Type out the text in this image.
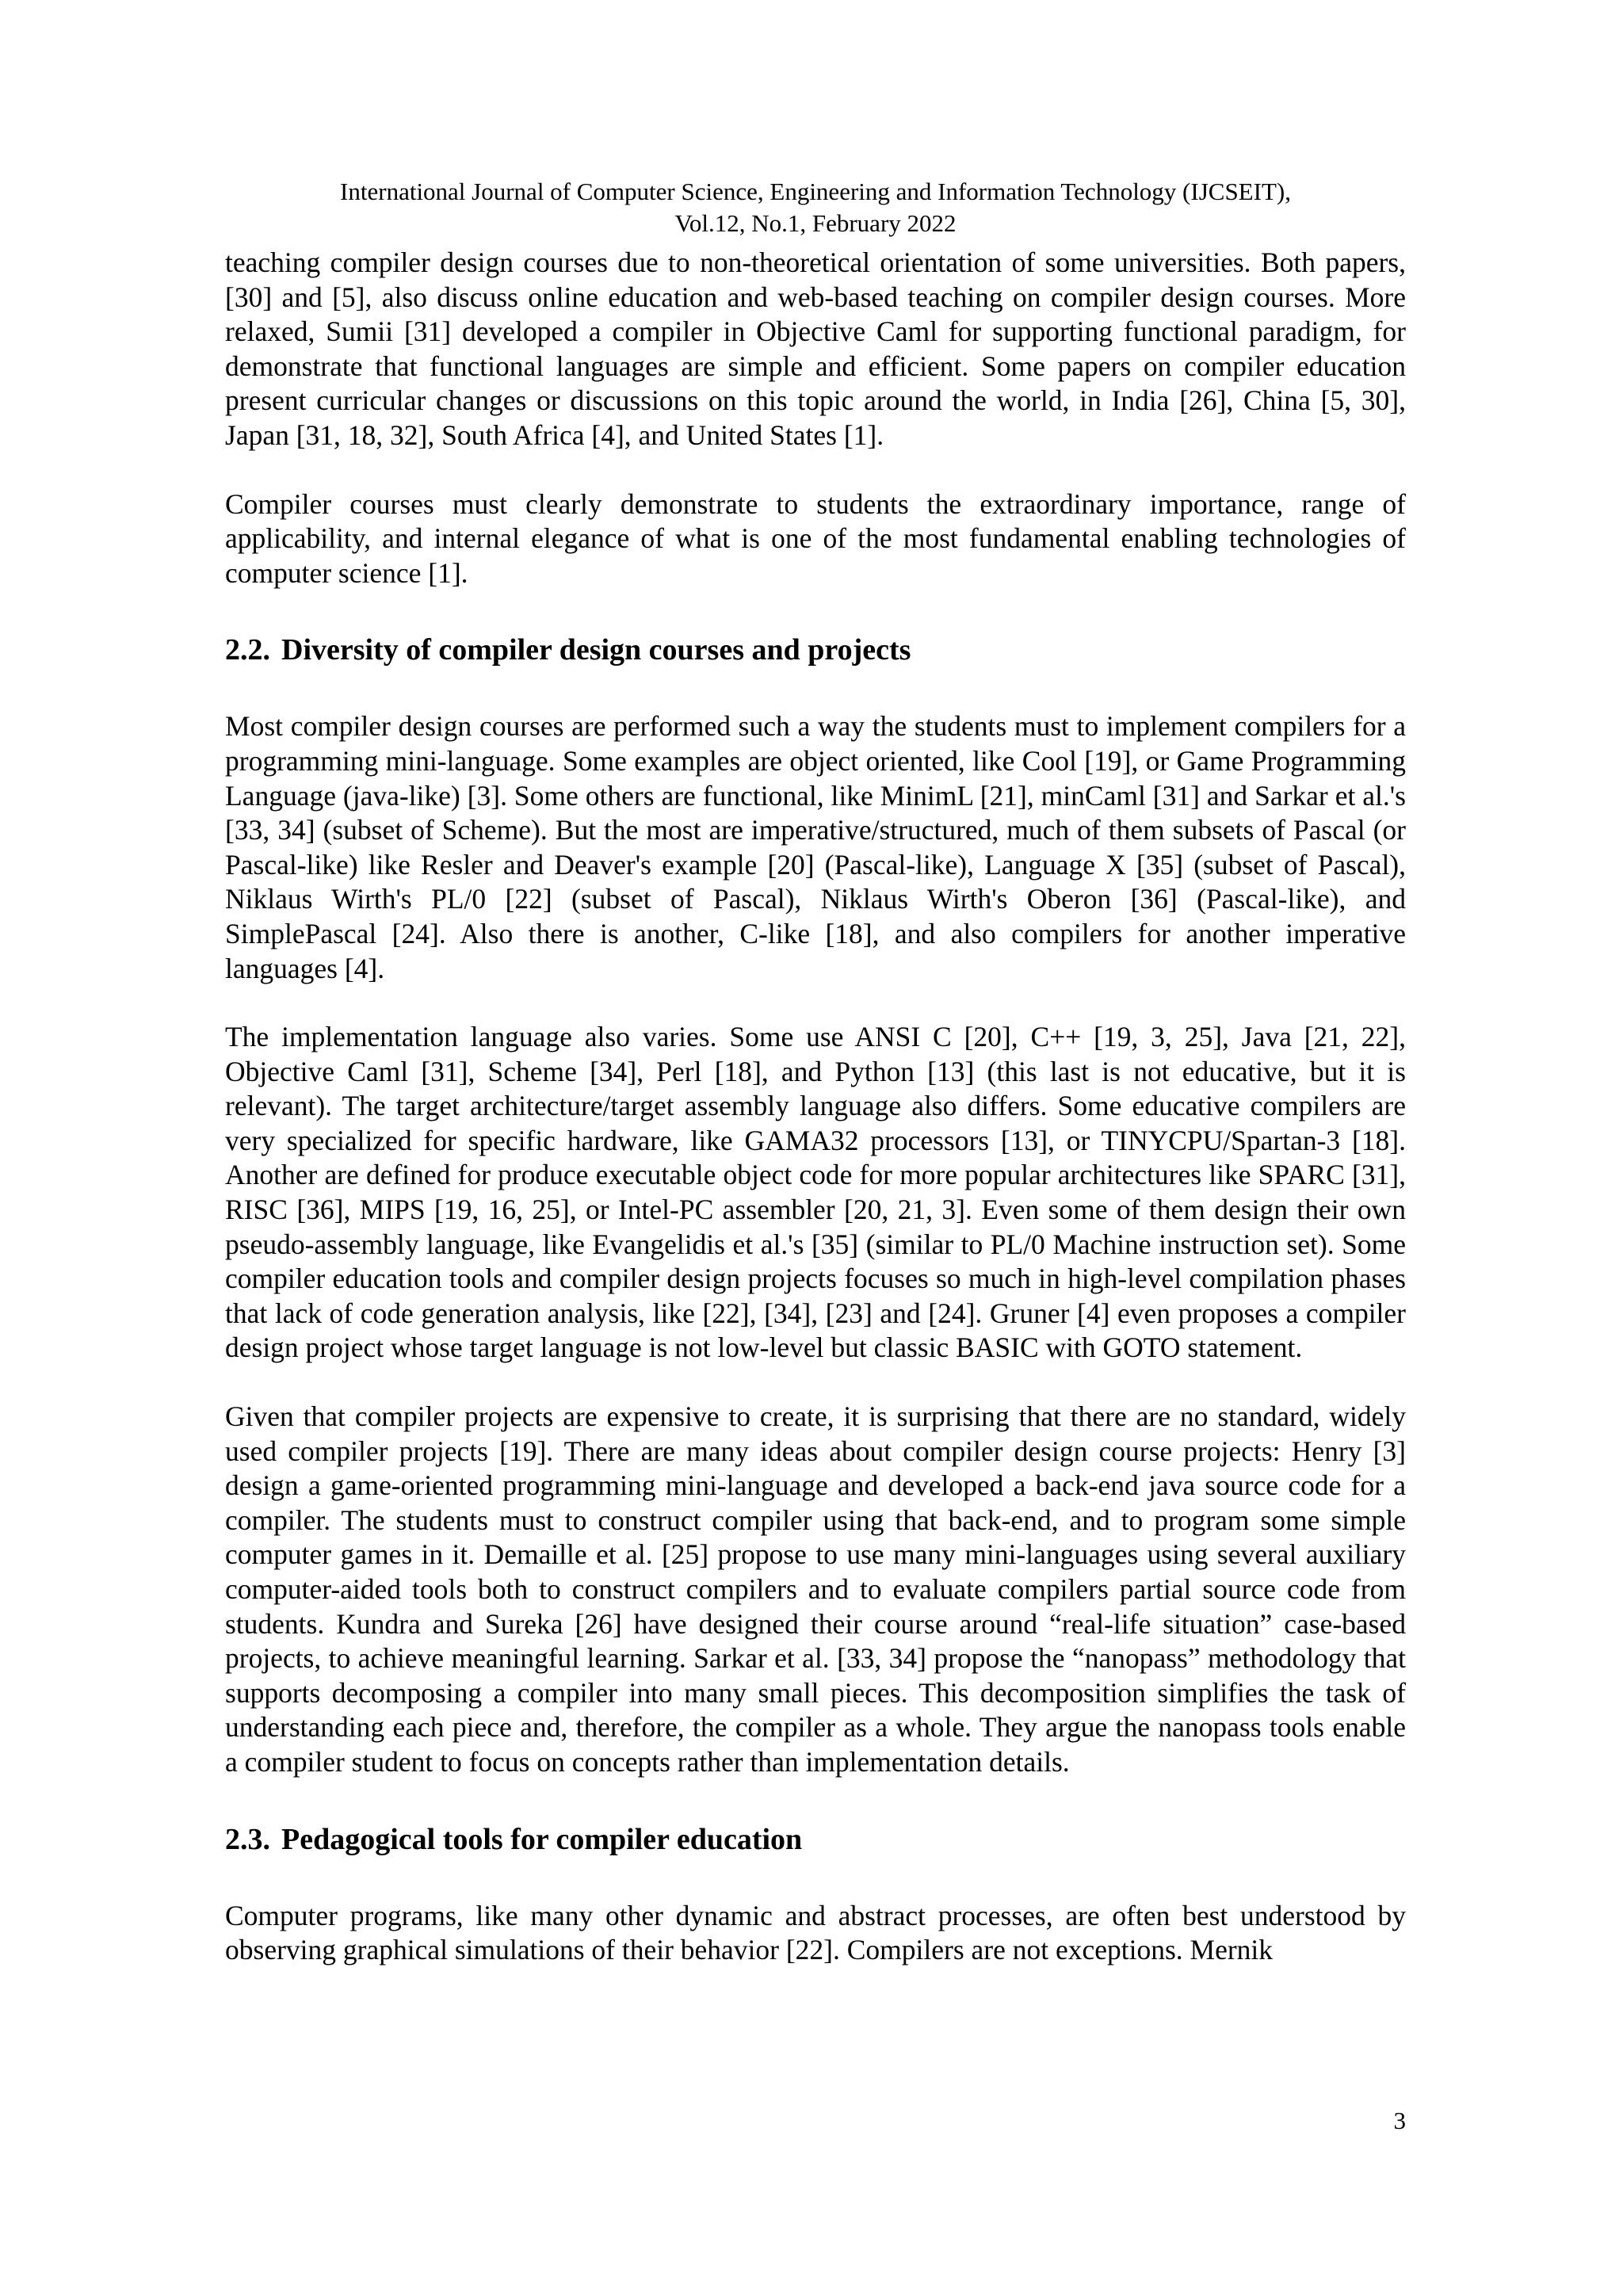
International Journal of Computer Science, Engineering and Information Technology (IJCSEIT),
Vol.12, No.1, February 2022

teaching compiler design courses due to non-theoretical orientation of some universities. Both papers, [30] and [5], also discuss online education and web-based teaching on compiler design courses. More relaxed, Sumii [31] developed a compiler in Objective Caml for supporting functional paradigm, for demonstrate that functional languages are simple and efficient. Some papers on compiler education present curricular changes or discussions on this topic around the world, in India [26], China [5, 30], Japan [31, 18, 32], South Africa [4], and United States [1].

Compiler courses must clearly demonstrate to students the extraordinary importance, range of applicability, and internal elegance of what is one of the most fundamental enabling technologies of computer science [1].

2.2. Diversity of compiler design courses and projects

Most compiler design courses are performed such a way the students must to implement compilers for a programming mini-language. Some examples are object oriented, like Cool [19], or Game Programming Language (java-like) [3]. Some others are functional, like MinimL [21], minCaml [31] and Sarkar et al.'s [33, 34] (subset of Scheme). But the most are imperative/structured, much of them subsets of Pascal (or Pascal-like) like Resler and Deaver's example [20] (Pascal-like), Language X [35] (subset of Pascal), Niklaus Wirth's PL/0 [22] (subset of Pascal), Niklaus Wirth's Oberon [36] (Pascal-like), and SimplePascal [24]. Also there is another, C-like [18], and also compilers for another imperative languages [4].

The implementation language also varies. Some use ANSI C [20], C++ [19, 3, 25], Java [21, 22], Objective Caml [31], Scheme [34], Perl [18], and Python [13] (this last is not educative, but it is relevant). The target architecture/target assembly language also differs. Some educative compilers are very specialized for specific hardware, like GAMA32 processors [13], or TINYCPU/Spartan-3 [18]. Another are defined for produce executable object code for more popular architectures like SPARC [31], RISC [36], MIPS [19, 16, 25], or Intel-PC assembler [20, 21, 3]. Even some of them design their own pseudo-assembly language, like Evangelidis et al.'s [35] (similar to PL/0 Machine instruction set). Some compiler education tools and compiler design projects focuses so much in high-level compilation phases that lack of code generation analysis, like [22], [34], [23] and [24]. Gruner [4] even proposes a compiler design project whose target language is not low-level but classic BASIC with GOTO statement.

Given that compiler projects are expensive to create, it is surprising that there are no standard, widely used compiler projects [19]. There are many ideas about compiler design course projects: Henry [3] design a game-oriented programming mini-language and developed a back-end java source code for a compiler. The students must to construct compiler using that back-end, and to program some simple computer games in it. Demaille et al. [25] propose to use many mini-languages using several auxiliary computer-aided tools both to construct compilers and to evaluate compilers partial source code from students. Kundra and Sureka [26] have designed their course around “real-life situation” case-based projects, to achieve meaningful learning. Sarkar et al. [33, 34] propose the “nanopass” methodology that supports decomposing a compiler into many small pieces. This decomposition simplifies the task of understanding each piece and, therefore, the compiler as a whole. They argue the nanopass tools enable a compiler student to focus on concepts rather than implementation details.

2.3. Pedagogical tools for compiler education

Computer programs, like many other dynamic and abstract processes, are often best understood by observing graphical simulations of their behavior [22]. Compilers are not exceptions. Mernik

3
